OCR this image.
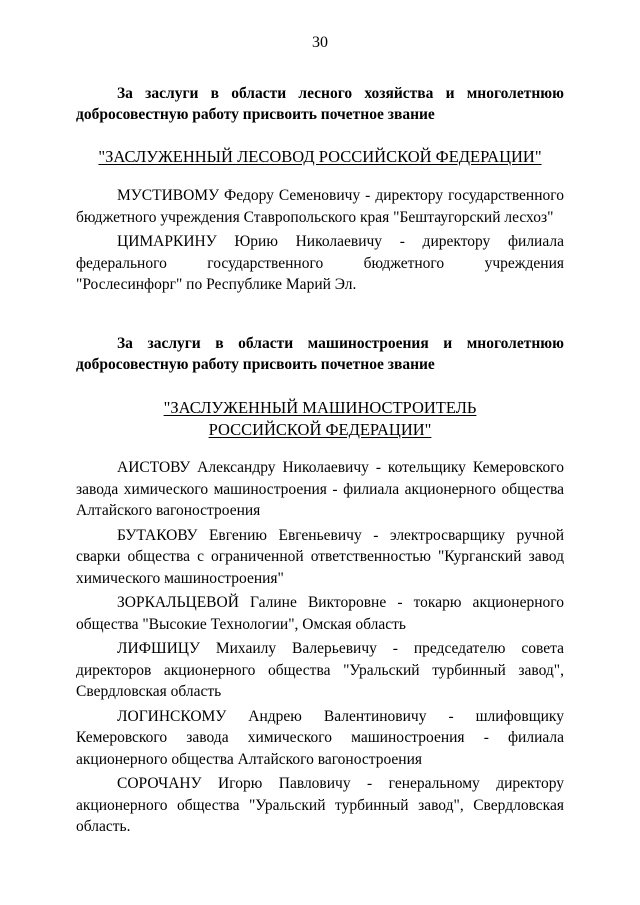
30

За заслуги в области лесного хозяйства и многолетнюю добросовестную работу присвоить почетное звание

"ЗАСЛУЖЕННЫЙ ЛЕСОВОД РОССИЙСКОЙ ФЕДЕРАЦИИ"
МУСТИВОМУ Федору Семеновичу - директору государственного бюджетного учреждения Ставропольского края "Бештаугорский лесхоз"
ЦИМАРКИНУ Юрию Николаевичу - директору филиала федерального государственного бюджетного учреждения "Рослесинфорг" по Республике Марий Эл.

За заслуги в области машиностроения и многолетнюю добросовестную работу присвоить почетное звание

"ЗАСЛУЖЕННЫЙ МАШИНОСТРОИТЕЛЬ
РОССИЙСКОЙ ФЕДЕРАЦИИ"
АИСТОВУ Александру Николаевичу - котельщику Кемеровского завода химического машиностроения - филиала акционерного общества Алтайского вагоностроения
БУТАКОВУ Евгению Евгеньевичу - электросварщику ручной сварки общества с ограниченной ответственностью "Курганский завод химического машиностроения"
ЗОРКАЛЬЦЕВОЙ Галине Викторовне - токарю акционерного общества "Высокие Технологии", Омская область
ЛИФШИЦУ Михаилу Валерьевичу - председателю совета директоров акционерного общества "Уральский турбинный завод", Свердловская область
ЛОГИНСКОМУ Андрею Валентиновичу - шлифовщику Кемеровского завода химического машиностроения - филиала акционерного общества Алтайского вагоностроения
СОРОЧАНУ Игорю Павловичу - генеральному директору акционерного общества "Уральский турбинный завод", Свердловская область.
